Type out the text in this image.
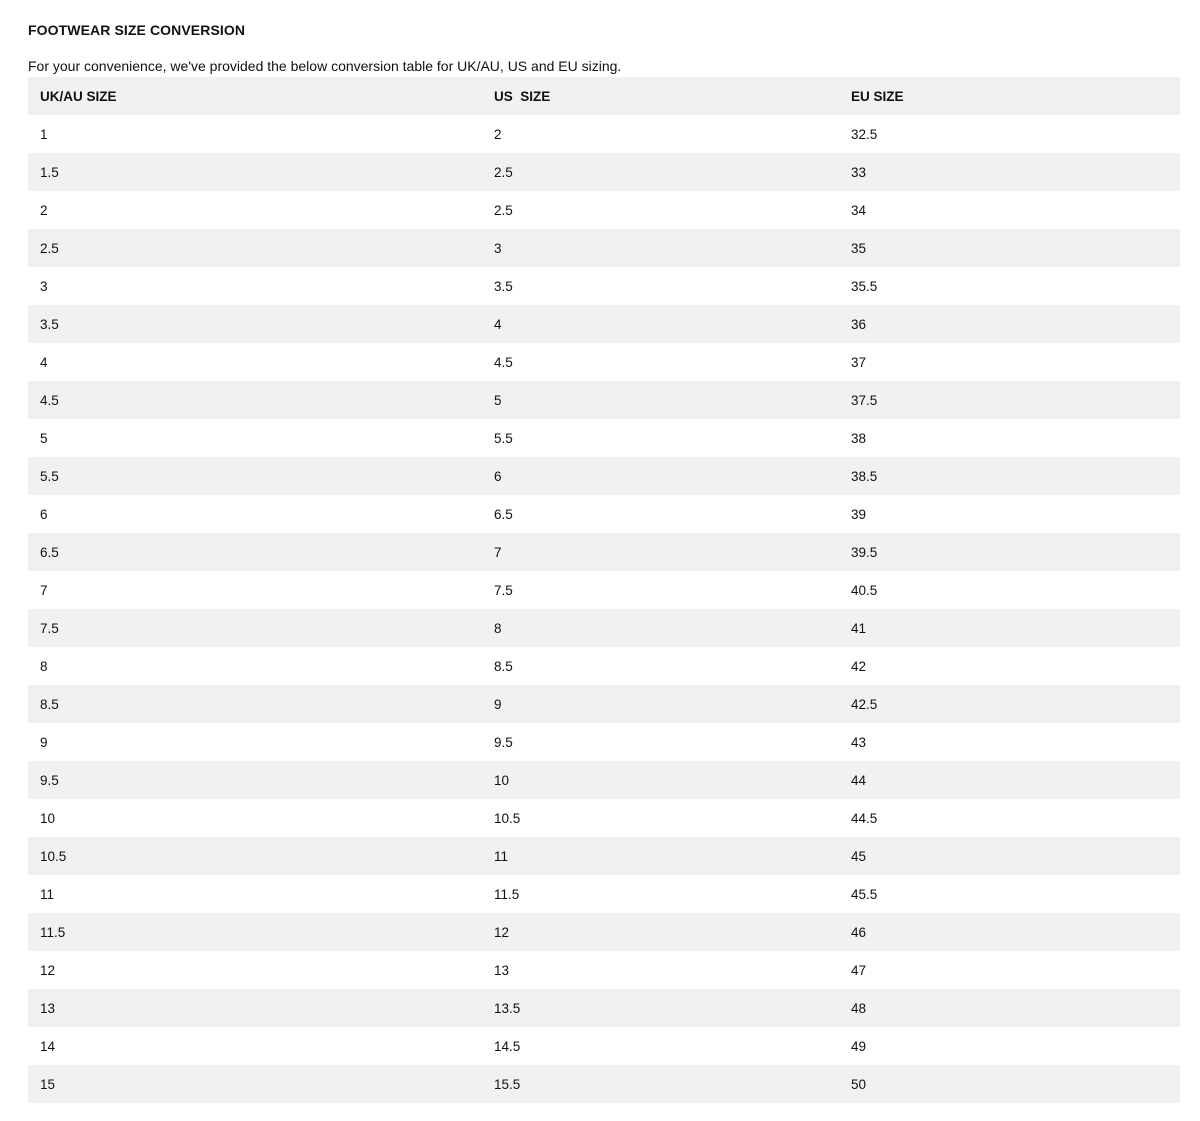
FOOTWEAR SIZE CONVERSION
For your convenience, we've provided the below conversion table for UK/AU, US and EU sizing.
UK/AU SIZE	US  SIZE	EU SIZE
1	2	32.5
1.5	2.5	33
2	2.5	34
2.5	3	35
3	3.5	35.5
3.5	4	36
4	4.5	37
4.5	5	37.5
5	5.5	38
5.5	6	38.5
6	6.5	39
6.5	7	39.5
7	7.5	40.5
7.5	8	41
8	8.5	42
8.5	9	42.5
9	9.5	43
9.5	10	44
10	10.5	44.5
10.5	11	45
11	11.5	45.5
11.5	12	46
12	13	47
13	13.5	48
14	14.5	49
15	15.5	50
